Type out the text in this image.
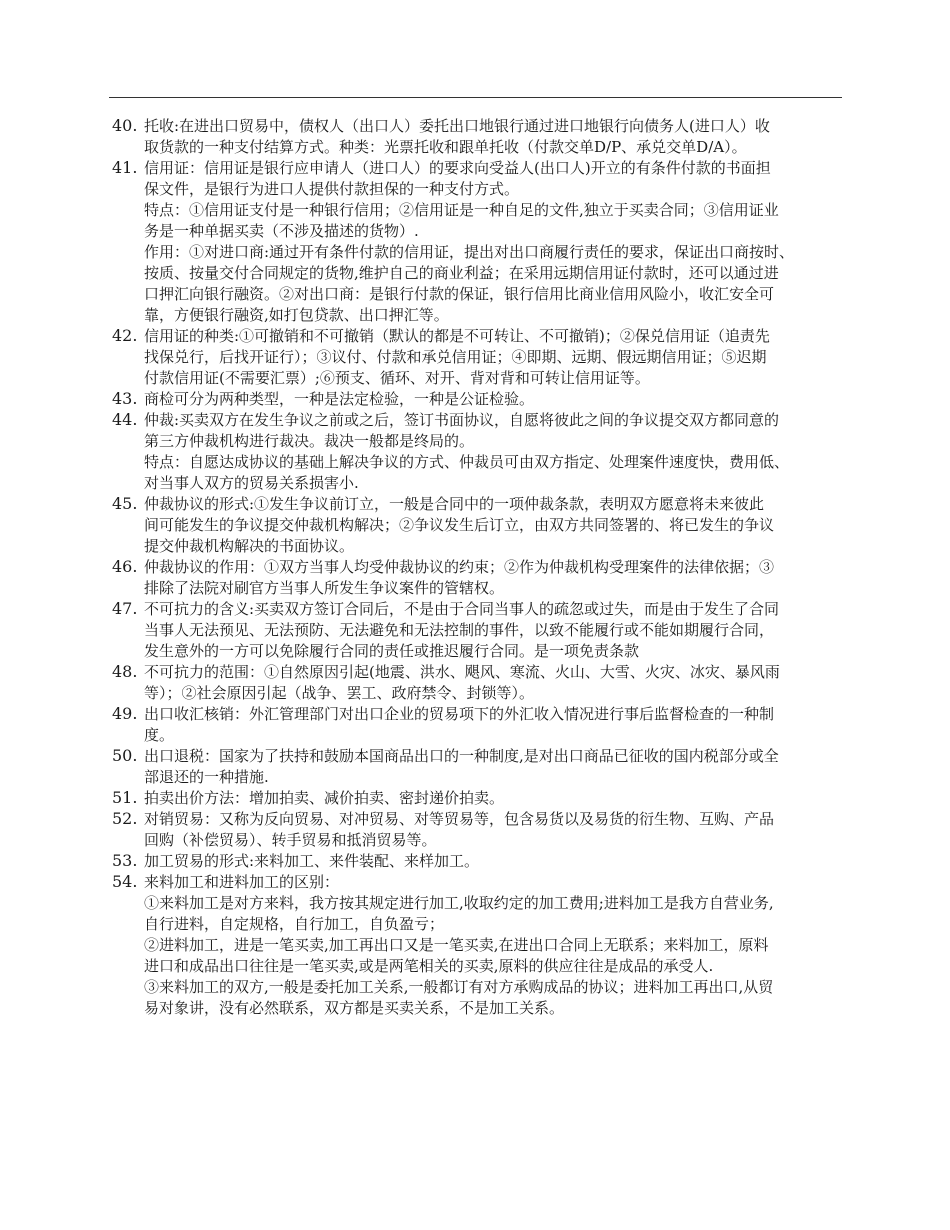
40. 托收:在进出口贸易中，债权人（出口人）委托出口地银行通过进口地银行向债务人(进口人）收
取货款的一种支付结算方式。种类：光票托收和跟单托收（付款交单D/P、承兑交单D/A）。
41. 信用证：信用证是银行应申请人（进口人）的要求向受益人(出口人)开立的有条件付款的书面担
保文件，是银行为进口人提供付款担保的一种支付方式。
特点：①信用证支付是一种银行信用；②信用证是一种自足的文件,独立于买卖合同；③信用证业
务是一种单据买卖（不涉及描述的货物）.
作用：①对进口商:通过开有条件付款的信用证，提出对出口商履行责任的要求，保证出口商按时、
按质、按量交付合同规定的货物,维护自己的商业利益；在采用远期信用证付款时，还可以通过进
口押汇向银行融资。②对出口商：是银行付款的保证，银行信用比商业信用风险小，收汇安全可
靠，方便银行融资,如打包贷款、出口押汇等。
42. 信用证的种类:①可撤销和不可撤销（默认的都是不可转让、不可撤销)；②保兑信用证（追责先
找保兑行，后找开证行）；③议付、付款和承兑信用证；④即期、远期、假远期信用证；⑤迟期
付款信用证(不需要汇票）;⑥预支、循环、对开、背对背和可转让信用证等。
43. 商检可分为两种类型，一种是法定检验，一种是公证检验。
44. 仲裁:买卖双方在发生争议之前或之后，签订书面协议，自愿将彼此之间的争议提交双方都同意的
第三方仲裁机构进行裁决。裁决一般都是终局的。
特点：自愿达成协议的基础上解决争议的方式、仲裁员可由双方指定、处理案件速度快，费用低、
对当事人双方的贸易关系损害小.
45. 仲裁协议的形式:①发生争议前订立，一般是合同中的一项仲裁条款，表明双方愿意将未来彼此
间可能发生的争议提交仲裁机构解决；②争议发生后订立，由双方共同签署的、将已发生的争议
提交仲裁机构解决的书面协议。
46. 仲裁协议的作用：①双方当事人均受仲裁协议的约束；②作为仲裁机构受理案件的法律依据；③
排除了法院对刷官方当事人所发生争议案件的管辖权。
47. 不可抗力的含义:买卖双方签订合同后，不是由于合同当事人的疏忽或过失，而是由于发生了合同
当事人无法预见、无法预防、无法避免和无法控制的事件，以致不能履行或不能如期履行合同，
发生意外的一方可以免除履行合同的责任或推迟履行合同。是一项免责条款
48. 不可抗力的范围：①自然原因引起(地震、洪水、飓风、寒流、火山、大雪、火灾、冰灾、暴风雨
等）；②社会原因引起（战争、罢工、政府禁令、封锁等）。
49. 出口收汇核销：外汇管理部门对出口企业的贸易项下的外汇收入情况进行事后监督检查的一种制
度。
50. 出口退税：国家为了扶持和鼓励本国商品出口的一种制度,是对出口商品已征收的国内税部分或全
部退还的一种措施.
51. 拍卖出价方法：增加拍卖、减价拍卖、密封递价拍卖。
52. 对销贸易：又称为反向贸易、对冲贸易、对等贸易等，包含易货以及易货的衍生物、互购、产品
回购（补偿贸易）、转手贸易和抵消贸易等。
53. 加工贸易的形式:来料加工、来件装配、来样加工。
54. 来料加工和进料加工的区别：
①来料加工是对方来料，我方按其规定进行加工,收取约定的加工费用;进料加工是我方自营业务,
自行进料，自定规格，自行加工，自负盈亏；
②进料加工，进是一笔买卖,加工再出口又是一笔买卖,在进出口合同上无联系；来料加工，原料
进口和成品出口往往是一笔买卖,或是两笔相关的买卖,原料的供应往往是成品的承受人.
③来料加工的双方,一般是委托加工关系,一般都订有对方承购成品的协议；进料加工再出口,从贸
易对象讲，没有必然联系，双方都是买卖关系，不是加工关系。
